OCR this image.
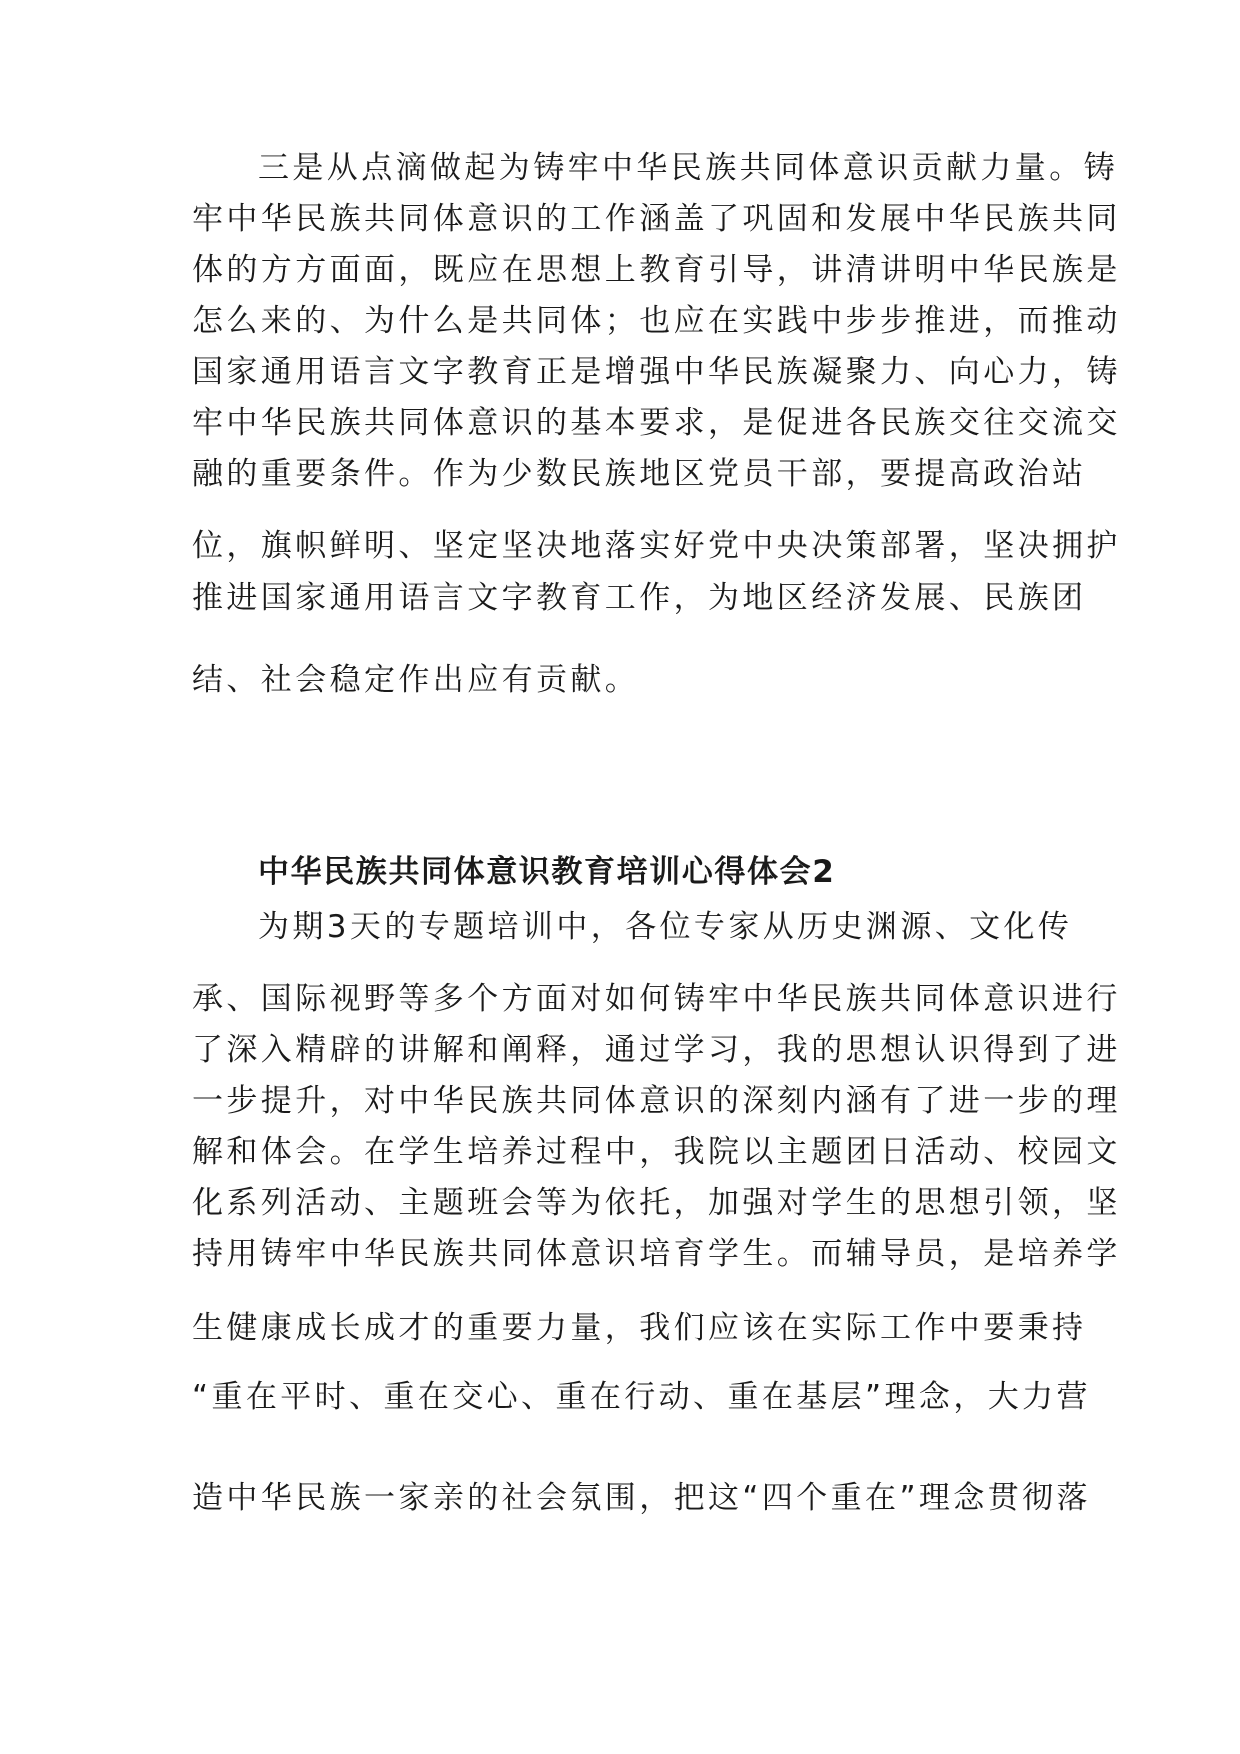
三是从点滴做起为铸牢中华民族共同体意识贡献力量。铸
牢中华民族共同体意识的工作涵盖了巩固和发展中华民族共同
体的方方面面，既应在思想上教育引导，讲清讲明中华民族是
怎么来的、为什么是共同体；也应在实践中步步推进，而推动
国家通用语言文字教育正是增强中华民族凝聚力、向心力，铸
牢中华民族共同体意识的基本要求，是促进各民族交往交流交
融的重要条件。作为少数民族地区党员干部，要提高政治站
位，旗帜鲜明、坚定坚决地落实好党中央决策部署，坚决拥护
推进国家通用语言文字教育工作，为地区经济发展、民族团
结、社会稳定作出应有贡献。
中华民族共同体意识教育培训心得体会2
为期3天的专题培训中，各位专家从历史渊源、文化传
承、国际视野等多个方面对如何铸牢中华民族共同体意识进行
了深入精辟的讲解和阐释，通过学习，我的思想认识得到了进
一步提升，对中华民族共同体意识的深刻内涵有了进一步的理
解和体会。在学生培养过程中，我院以主题团日活动、校园文
化系列活动、主题班会等为依托，加强对学生的思想引领，坚
持用铸牢中华民族共同体意识培育学生。而辅导员，是培养学
生健康成长成才的重要力量，我们应该在实际工作中要秉持
“重在平时、重在交心、重在行动、重在基层”理念，大力营
造中华民族一家亲的社会氛围，把这“四个重在”理念贯彻落
